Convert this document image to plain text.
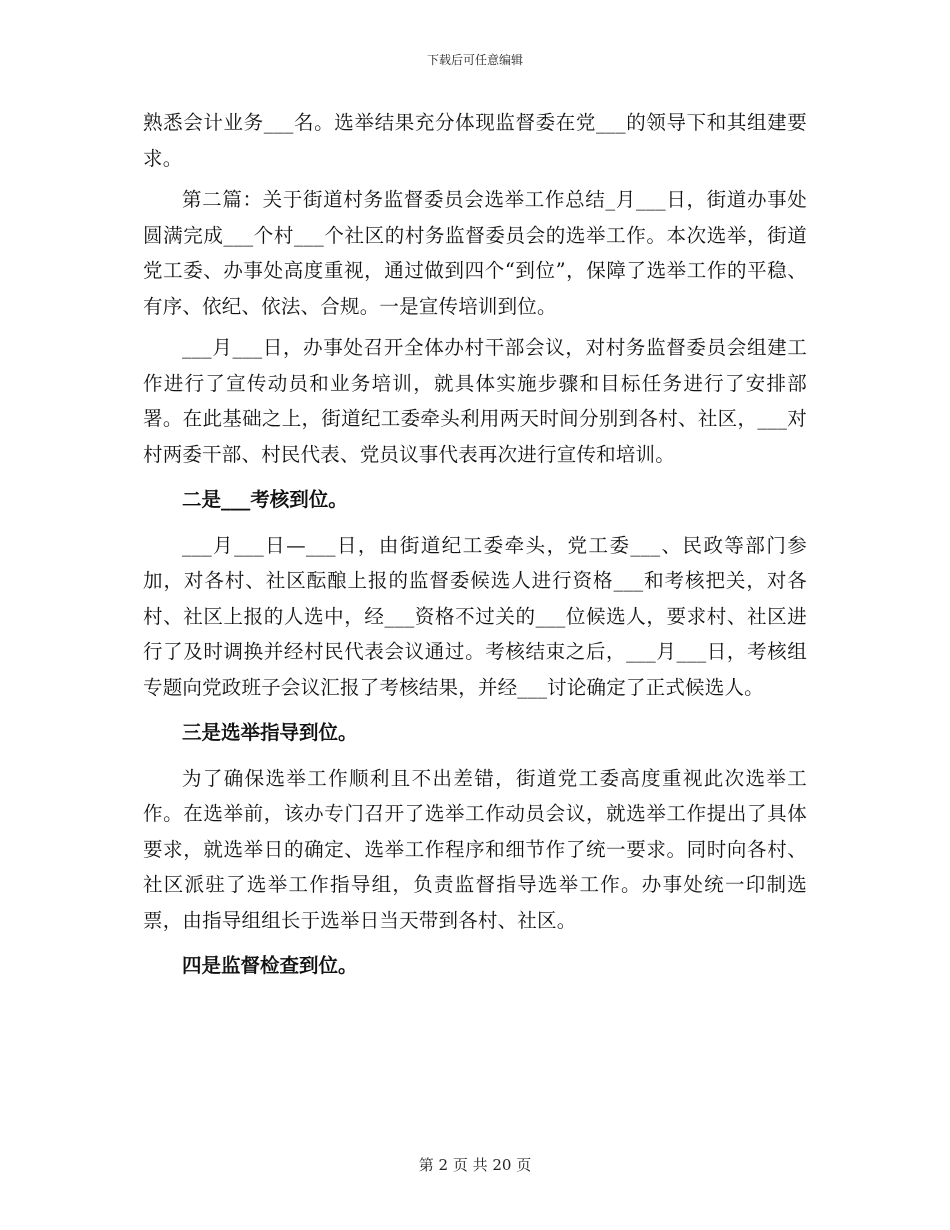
下载后可任意编辑

熟悉会计业务___名。选举结果充分体现监督委在党___的领导下和其组建要求。

第二篇：关于街道村务监督委员会选举工作总结_月___日，街道办事处圆满完成___个村___个社区的村务监督委员会的选举工作。本次选举，街道党工委、办事处高度重视，通过做到四个“到位”，保障了选举工作的平稳、有序、依纪、依法、合规。一是宣传培训到位。

___月___日，办事处召开全体办村干部会议，对村务监督委员会组建工作进行了宣传动员和业务培训，就具体实施步骤和目标任务进行了安排部署。在此基础之上，街道纪工委牵头利用两天时间分别到各村、社区，___对村两委干部、村民代表、党员议事代表再次进行宣传和培训。

二是___考核到位。

___月___日—___日，由街道纪工委牵头，党工委___、民政等部门参加，对各村、社区酝酿上报的监督委候选人进行资格___和考核把关，对各村、社区上报的人选中，经___资格不过关的___位候选人，要求村、社区进行了及时调换并经村民代表会议通过。考核结束之后，___月___日，考核组专题向党政班子会议汇报了考核结果，并经___讨论确定了正式候选人。

三是选举指导到位。

为了确保选举工作顺利且不出差错，街道党工委高度重视此次选举工作。在选举前，该办专门召开了选举工作动员会议，就选举工作提出了具体要求，就选举日的确定、选举工作程序和细节作了统一要求。同时向各村、社区派驻了选举工作指导组，负责监督指导选举工作。办事处统一印制选票，由指导组组长于选举日当天带到各村、社区。

四是监督检查到位。

第 2 页 共 20 页
